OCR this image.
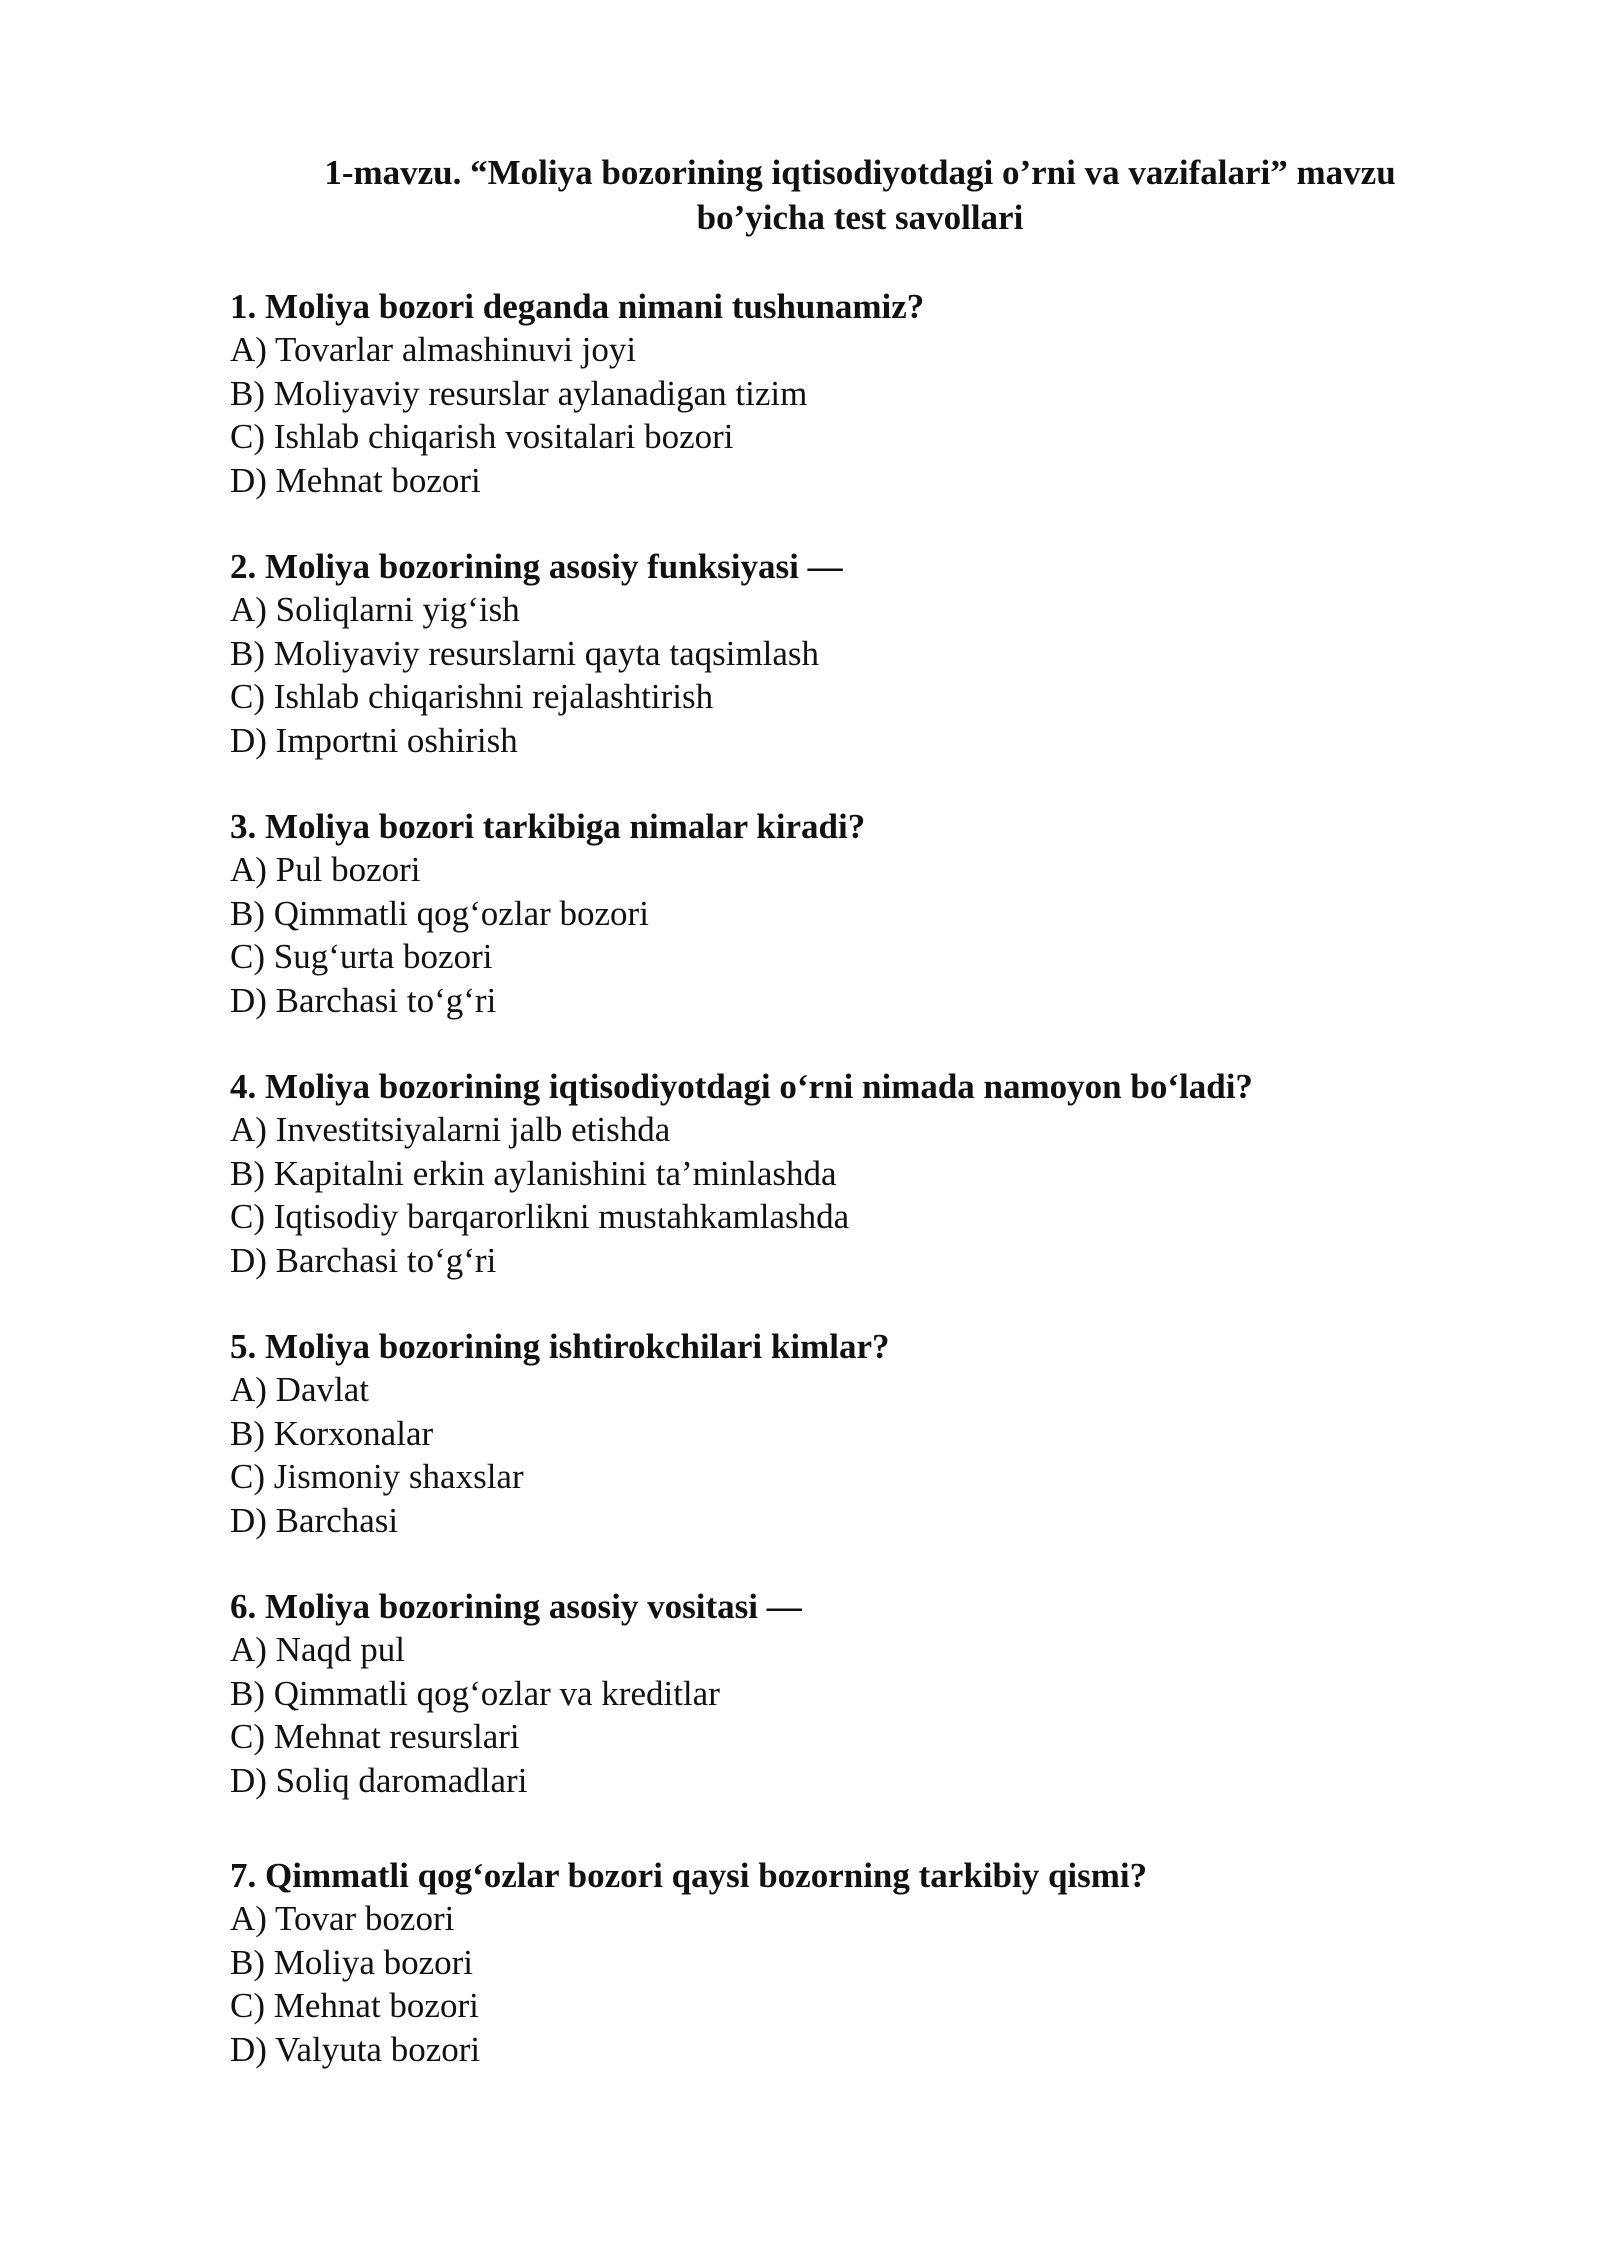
1-mavzu. “Moliya bozorining iqtisodiyotdagi o’rni va vazifalari” mavzu
bo’yicha test savollari
1. Moliya bozori deganda nimani tushunamiz?
A) Tovarlar almashinuvi joyi
B) Moliyaviy resurslar aylanadigan tizim
C) Ishlab chiqarish vositalari bozori
D) Mehnat bozori
2. Moliya bozorining asosiy funksiyasi —
A) Soliqlarni yig‘ish
B) Moliyaviy resurslarni qayta taqsimlash
C) Ishlab chiqarishni rejalashtirish
D) Importni oshirish
3. Moliya bozori tarkibiga nimalar kiradi?
A) Pul bozori
B) Qimmatli qog‘ozlar bozori
C) Sug‘urta bozori
D) Barchasi to‘g‘ri
4. Moliya bozorining iqtisodiyotdagi o‘rni nimada namoyon bo‘ladi?
A) Investitsiyalarni jalb etishda
B) Kapitalni erkin aylanishini ta’minlashda
C) Iqtisodiy barqarorlikni mustahkamlashda
D) Barchasi to‘g‘ri
5. Moliya bozorining ishtirokchilari kimlar?
A) Davlat
B) Korxonalar
C) Jismoniy shaxslar
D) Barchasi
6. Moliya bozorining asosiy vositasi —
A) Naqd pul
B) Qimmatli qog‘ozlar va kreditlar
C) Mehnat resurslari
D) Soliq daromadlari
7. Qimmatli qog‘ozlar bozori qaysi bozorning tarkibiy qismi?
A) Tovar bozori
B) Moliya bozori
C) Mehnat bozori
D) Valyuta bozori
